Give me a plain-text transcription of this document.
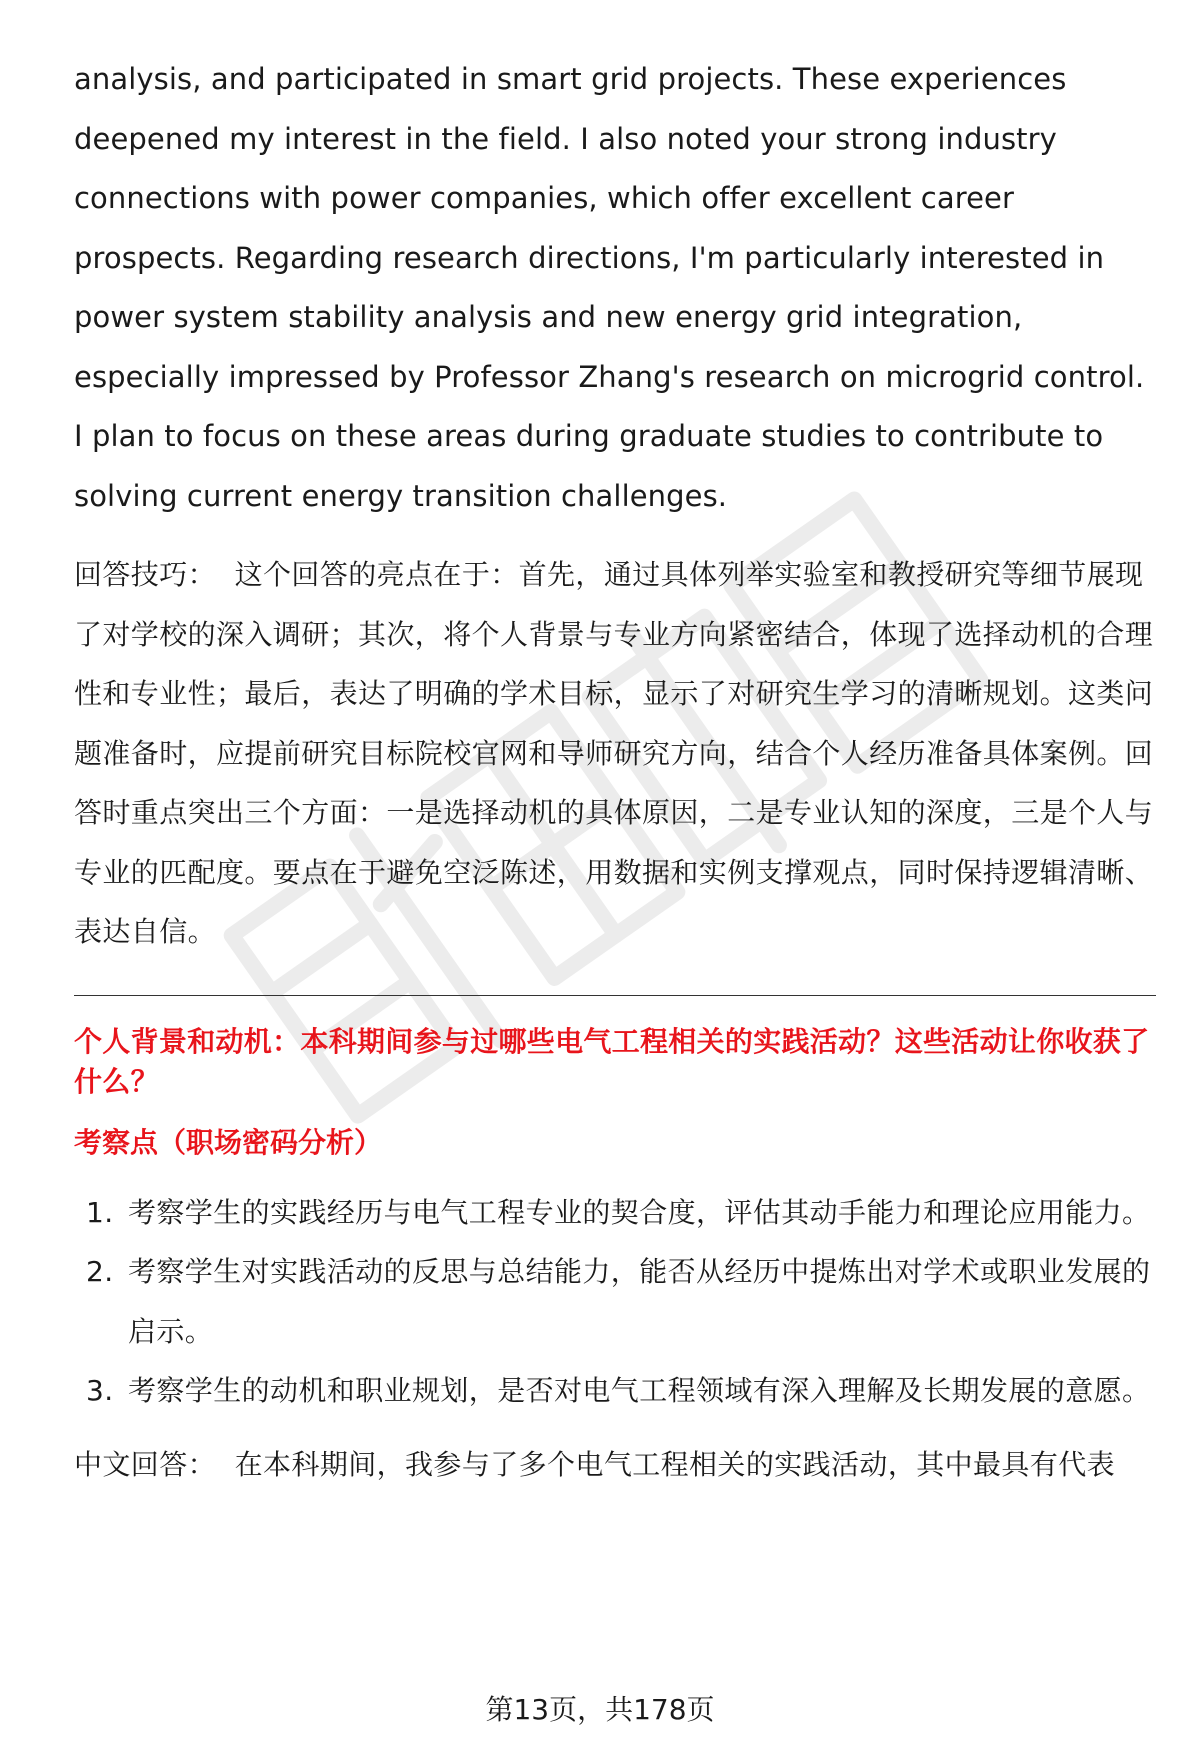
analysis, and participated in smart grid projects. These experiences deepened my interest in the field. I also noted your strong industry connections with power companies, which offer excellent career prospects. Regarding research directions, I'm particularly interested in power system stability analysis and new energy grid integration, especially impressed by Professor Zhang's research on microgrid control. I plan to focus on these areas during graduate studies to contribute to solving current energy transition challenges.

回答技巧： 这个回答的亮点在于：首先，通过具体列举实验室和教授研究等细节展现了对学校的深入调研；其次，将个人背景与专业方向紧密结合，体现了选择动机的合理性和专业性；最后，表达了明确的学术目标，显示了对研究生学习的清晰规划。这类问题准备时，应提前研究目标院校官网和导师研究方向，结合个人经历准备具体案例。回答时重点突出三个方面：一是选择动机的具体原因，二是专业认知的深度，三是个人与专业的匹配度。要点在于避免空泛陈述，用数据和实例支撑观点，同时保持逻辑清晰、表达自信。

个人背景和动机：本科期间参与过哪些电气工程相关的实践活动？这些活动让你收获了什么？
考察点（职场密码分析）
1. 考察学生的实践经历与电气工程专业的契合度，评估其动手能力和理论应用能力。
2. 考察学生对实践活动的反思与总结能力，能否从经历中提炼出对学术或职业发展的启示。
3. 考察学生的动机和职业规划，是否对电气工程领域有深入理解及长期发展的意愿。

中文回答： 在本科期间，我参与了多个电气工程相关的实践活动，其中最具有代表

第13页，共178页
